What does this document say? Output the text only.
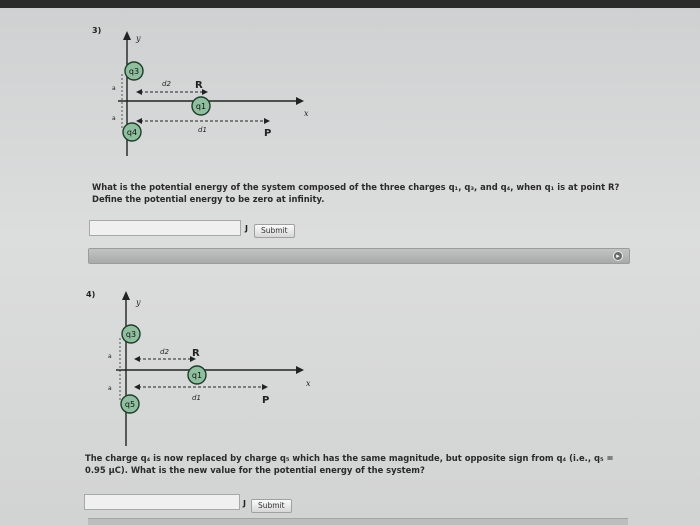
3)
y
x
a
a
d2
d1
R
P
q3
q1
q4
What is the potential energy of the system composed of the three charges q₁, q₃, and q₄, when q₁ is at point R? Define the potential energy to be zero at infinity.
J	Submit
▸
4)
y
x
a
a
d2
d1
R
P
q3
q1
q5
The charge q₄ is now replaced by charge q₅ which has the same magnitude, but opposite sign from q₄ (i.e., q₅ = 0.95 μC). What is the new value for the potential energy of the system?
J	Submit
